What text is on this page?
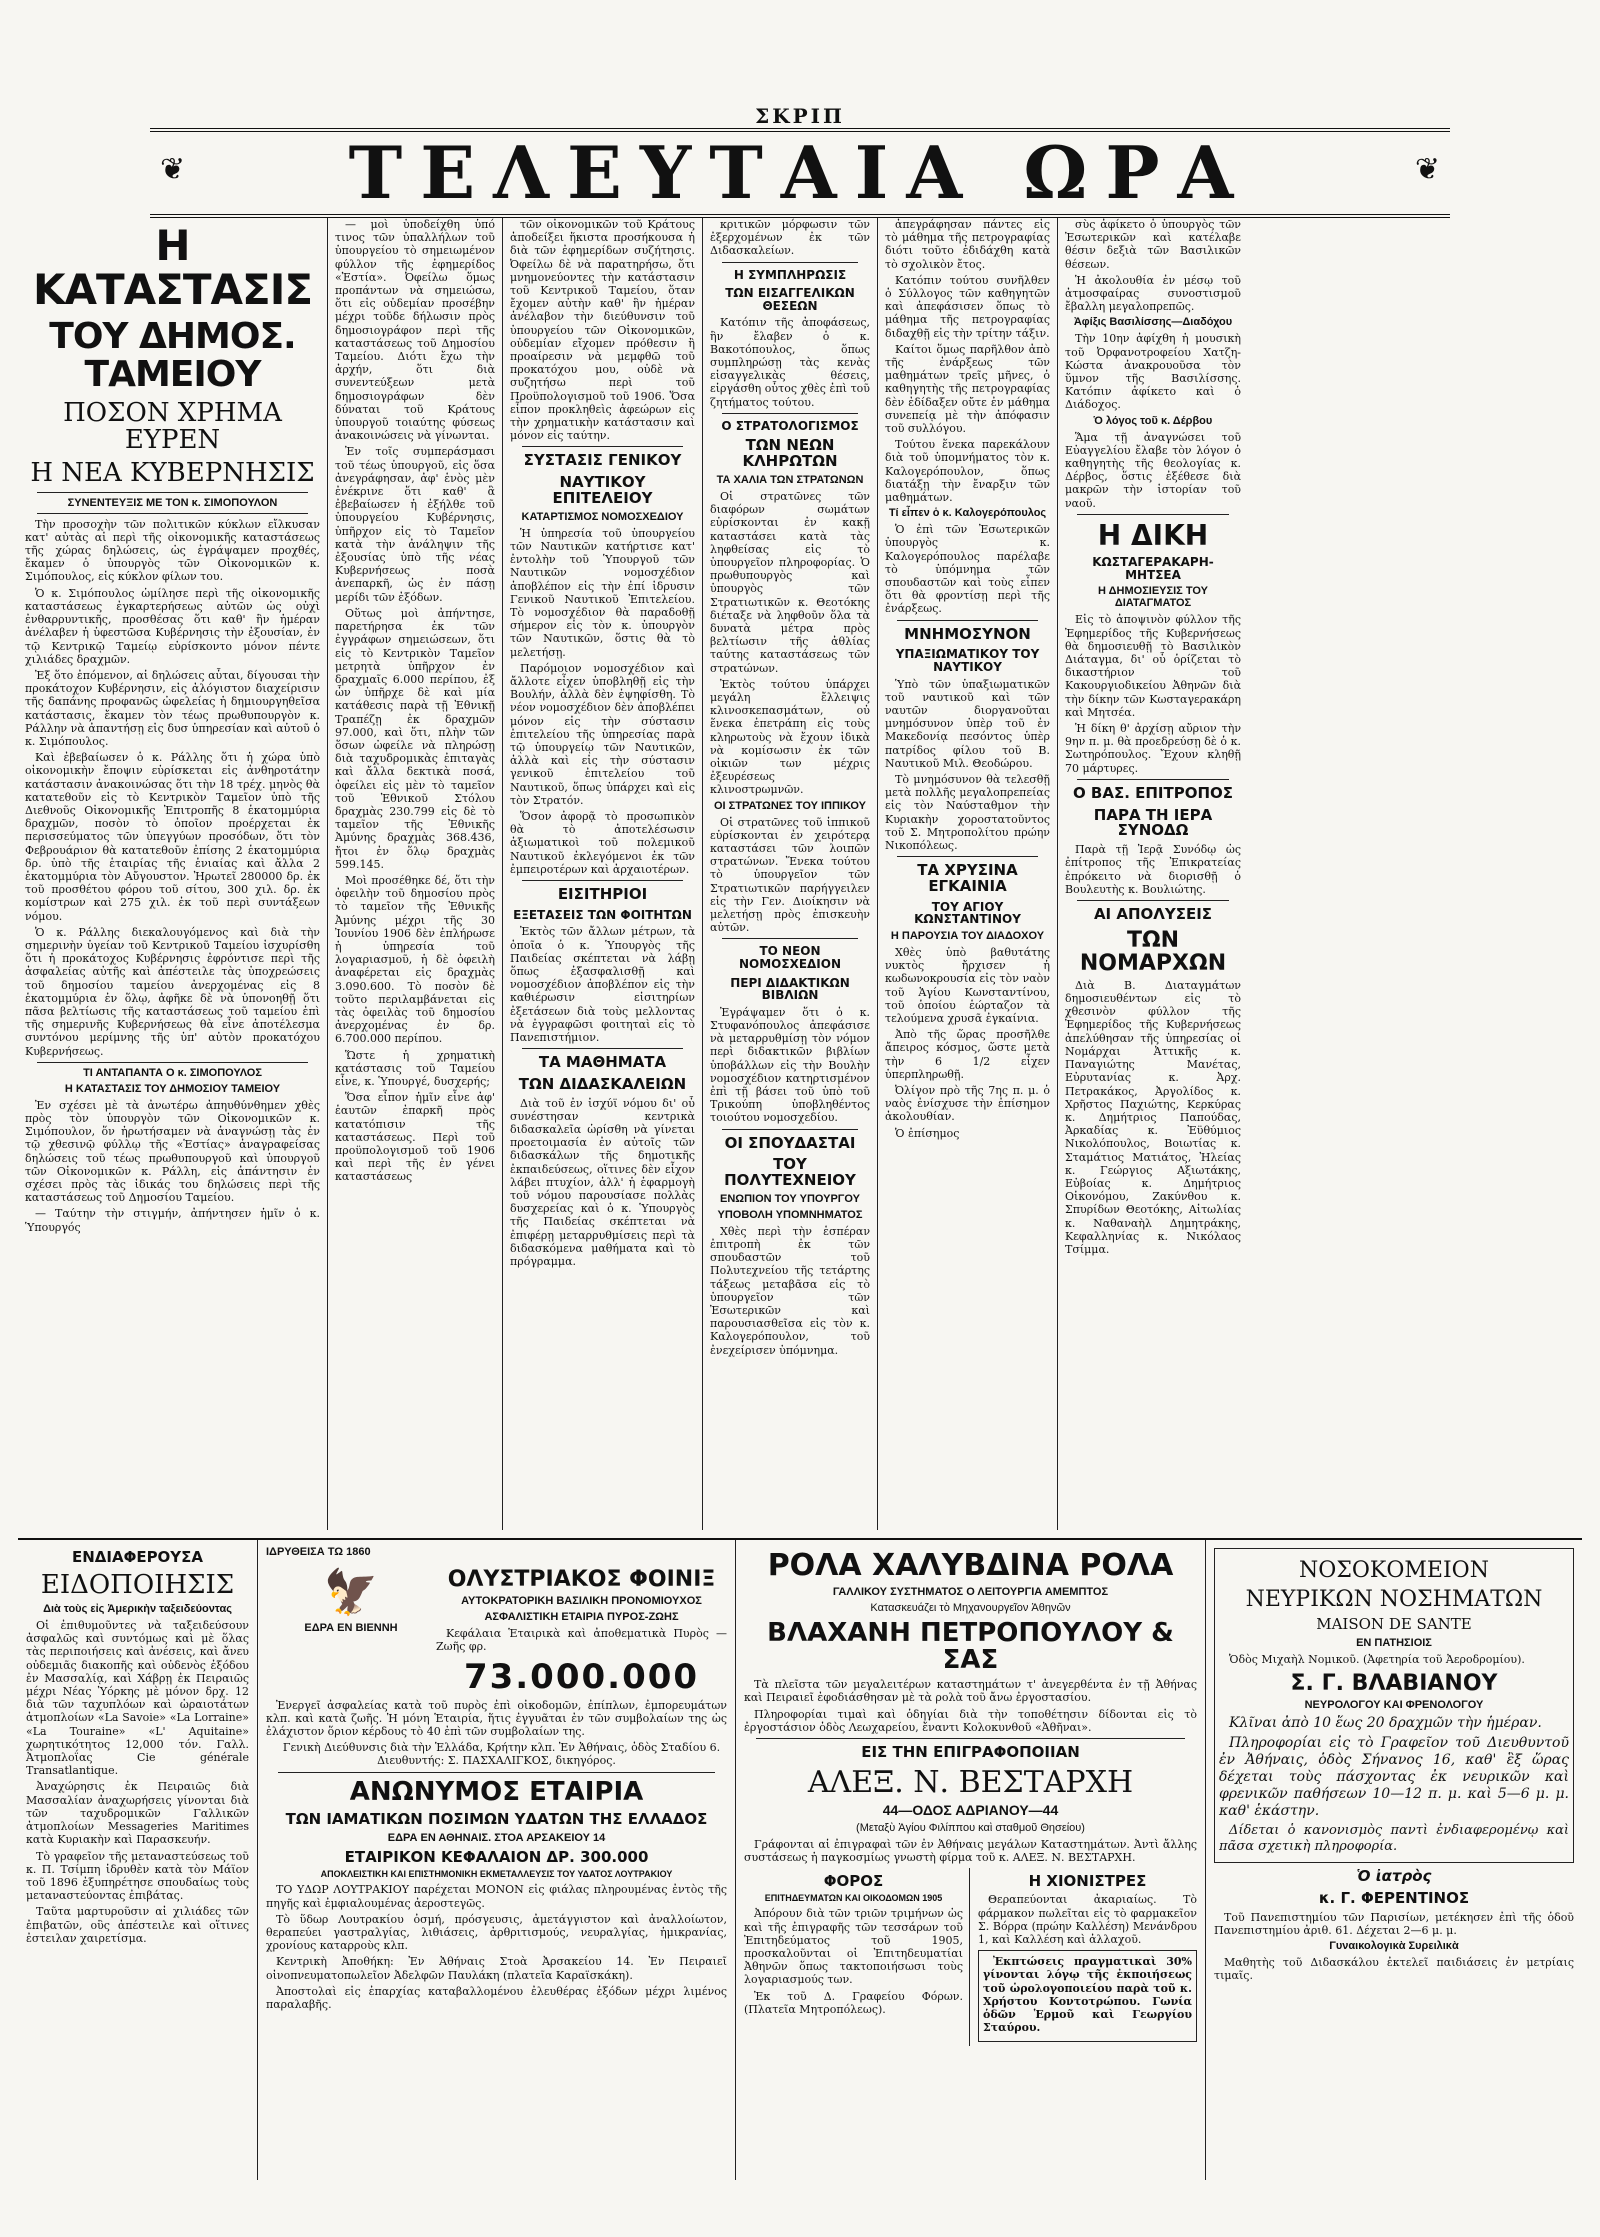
ΣΚΡΙΠ
❦ ΤΕΛΕΥΤΑΙΑ ΩΡΑ	❦
Η ΚΑΤΑΣΤΑΣΙΣ
ΤΟΥ ΔΗΜΟΣ. ΤΑΜΕΙΟΥ
ΠΟΣΟΝ ΧΡΗΜΑ ΕΥΡΕΝ
Η ΝΕΑ ΚΥΒΕΡΝΗΣΙΣ
ΣΥΝΕΝΤΕΥΞΙΣ ΜΕ ΤΟΝ κ. ΣΙΜΟΠΟΥΛΟΝ

Τὴν προσοχὴν τῶν πολιτικῶν κύκλων εἴλκυσαν κατ' αὐτὰς αἱ περὶ τῆς οἰκονομικῆς καταστάσεως τῆς χώρας δηλώσεις, ὡς ἐγράψαμεν προχθές, ἔκαμεν ὁ ὑπουργὸς τῶν Οἰκονομικῶν κ. Σιμόπουλος, εἰς κύκλον φίλων του.

Ὁ κ. Σιμόπουλος ὡμίλησε περὶ τῆς οἰκονομικῆς καταστάσεως ἐγκαρτερήσεως αὐτῶν ὡς οὐχὶ ἐνθαρρυντικῆς, προσθέσας ὅτι καθ' ἣν ἡμέραν ἀνέλαβεν ἡ ὑφεστῶσα Κυβέρνησις τὴν ἐξουσίαν, ἐν τῷ Κεντρικῷ Ταμείῳ εὑρίσκοντο μόνον πέντε χιλιάδες δραχμῶν.

Ἐξ ὅτο ἐπόμενον, αἱ δηλώσεις αὗται, δίγουσαι τὴν προκάτοχον Κυβέρνησιν, εἰς ἀλόγιστον διαχείρισιν τῆς δαπάνης προφανῶς ὠφελείας ἡ δημιουργηθεῖσα κατάστασις, ἔκαμεν τὸν τέως πρωθυπουργὸν κ. Ράλλην νὰ ἀπαντήσῃ εἰς δυσ ὑπηρεσίαν καὶ αὐτοῦ ὁ κ. Σιμόπουλος.

Καὶ ἐβεβαίωσεν ὁ κ. Ράλλης ὅτι ἡ χώρα ὑπὸ οἰκονομικὴν ἔποψιν εὑρίσκεται εἰς ἀνθηροτάτην κατάστασιν ἀνακοινώσας ὅτι τὴν 18 τρέχ. μηνὸς θὰ κατατεθοῦν εἰς τὸ Κεντρικὸν Ταμεῖον ὑπὸ τῆς Διεθνοῦς Οἰκονομικῆς Ἐπιτροπῆς 8 ἑκατομμύρια δραχμῶν, ποσὸν τὸ ὁποῖον προέρχεται ἐκ περισσεύματος τῶν ὑπεγγύων προσόδων, ὅτι τὸν Φεβρουάριον θὰ κατατεθοῦν ἐπίσης 2 ἑκατομμύρια δρ. ὑπὸ τῆς ἑταιρίας τῆς ἑνιαίας καὶ ἄλλα 2 ἑκατομμύρια τὸν Αὔγουστον. Ἠρωτεῖ 280000 δρ. ἐκ τοῦ προσθέτου φόρου τοῦ σίτου, 300 χιλ. δρ. ἐκ κομίστρων καὶ 275 χιλ. ἐκ τοῦ περὶ συντάξεων νόμου.

Ὁ κ. Ράλλης διεκαλουγόμενος καὶ διὰ τὴν σημερινὴν ὑγείαν τοῦ Κεντρικοῦ Ταμείου ἰσχυρίσθη ὅτι ἡ προκάτοχος Κυβέρνησις ἐφρόντισε περὶ τῆς ἀσφαλείας αὐτῆς καὶ ἀπέστειλε τὰς ὑποχρεώσεις τοῦ δημοσίου ταμείου ἀνερχομένας εἰς 8 ἑκατομμύρια ἐν ὅλῳ, ἀφῆκε δὲ νὰ ὑπονοηθῇ ὅτι πᾶσα βελτίωσις τῆς καταστάσεως τοῦ ταμείου ἐπὶ τῆς σημερινῆς Κυβερνήσεως θὰ εἶνε ἀποτέλεσμα συντόνου μερίμνης τῆς ὑπ' αὐτὸν προκατόχου Κυβερνήσεως.

ΤΙ ΑΝΤΑΠΑΝΤΑ Ο κ. ΣΙΜΟΠΟΥΛΟΣ
Η ΚΑΤΑΣΤΑΣΙΣ ΤΟΥ ΔΗΜΟΣΙΟΥ ΤΑΜΕΙΟΥ

Ἐν σχέσει μὲ τὰ ἀνωτέρω ἀπηυθύνθημεν χθὲς πρὸς τὸν ὑπουργὸν τῶν Οἰκονομικῶν κ. Σιμόπουλον, ὅν ἠρωτήσαμεν νὰ ἀναγνώσῃ τὰς ἐν τῷ χθεσινῷ φύλλῳ τῆς «Ἑστίας» ἀναγραφείσας δηλώσεις τοῦ τέως πρωθυπουργοῦ καὶ ὑπουργοῦ τῶν Οἰκονομικῶν κ. Ράλλη, εἰς ἀπάντησιν ἐν σχέσει πρὸς τὰς ἰδικάς του δηλώσεις περὶ τῆς καταστάσεως τοῦ Δημοσίου Ταμείου.

— Ταύτην τὴν στιγμήν, ἀπήντησεν ἡμῖν ὁ κ. Ὑπουργός

— μοὶ ὑποδείχθη ὑπό τινος τῶν ὑπαλλήλων τοῦ ὑπουργείου τὸ σημειωμένον φύλλον τῆς ἐφημερίδος «Ἑστία». Ὀφείλω ὅμως προπάντων νὰ σημειώσω, ὅτι εἰς οὐδεμίαν προσέβην μέχρι τοῦδε δήλωσιν πρὸς δημοσιογράφον περὶ τῆς καταστάσεως τοῦ Δημοσίου Ταμείου. Διότι ἔχω τὴν ἀρχήν, ὅτι διὰ συνεντεύξεων μετὰ δημοσιογράφων δὲν δύναται τοῦ Κράτους ὑπουργοῦ τοιαύτης φύσεως ἀνακοινώσεις νὰ γίνωνται.

Ἐν τοῖς συμπεράσμασι τοῦ τέως ὑπουργοῦ, εἰς ὅσα ἀνεγράφησαν, ἀφ' ἑνὸς μὲν ἐνέκρινε ὅτι καθ' ἃ ἐβεβαίωσεν ἡ ἐξήλθε τοῦ ὑπουργείου Κυβέρνησις, ὑπῆρχον εἰς τὸ Ταμεῖον κατὰ τὴν ἀνάληψιν τῆς ἐξουσίας ὑπὸ τῆς νέας Κυβερνήσεως ποσὰ ἀνεπαρκῆ, ὡς ἐν πάσῃ μερίδι τῶν ἐξόδων.

Οὕτως μοὶ ἀπήντησε, παρετήρησα ἐκ τῶν ἐγγράφων σημειώσεων, ὅτι εἰς τὸ Κεντρικὸν Ταμεῖον μετρητὰ ὑπῆρχον ἐν δραχμαῖς 6.000 περίπου, ἐξ ὧν ὑπῆρχε δὲ καὶ μία κατάθεσις παρὰ τῇ Ἐθνικῇ Τραπέζῃ ἐκ δραχμῶν 97.000, καὶ ὅτι, πλὴν τῶν ὅσων ὠφείλε νὰ πληρώσῃ διὰ ταχυδρομικὰς ἐπιταγὰς καὶ ἄλλα δεκτικὰ ποσά, ὀφείλει εἰς μὲν τὸ ταμεῖον τοῦ Ἐθνικοῦ Στόλου δραχμὰς 230.799 εἰς δὲ τὸ ταμεῖον τῆς Ἐθνικῆς Ἀμύνης δραχμὰς 368.436, ἤτοι ἐν ὅλῳ δραχμὰς 599.145.

Μοὶ προσέθηκε δέ, ὅτι τὴν ὀφειλὴν τοῦ δημοσίου πρὸς τὸ ταμεῖον τῆς Ἐθνικῆς Ἀμύνης μέχρι τῆς 30 Ἰουνίου 1906 δὲν ἐπλήρωσε ἡ ὑπηρεσία τοῦ λογαριασμοῦ, ἡ δὲ ὀφειλὴ ἀναφέρεται εἰς δραχμὰς 3.090.600. Τὸ ποσὸν δὲ τοῦτο περιλαμβάνεται εἰς τὰς ὀφειλὰς τοῦ δημοσίου ἀνερχομένας ἐν δρ. 6.700.000 περίπου.

Ὥστε ἡ χρηματικὴ κατάστασις τοῦ Ταμείου εἶνε, κ. Ὑπουργέ, δυσχερής;

Ὅσα εἶπον ἡμῖν εἶνε ἀφ' ἑαυτῶν ἐπαρκῆ πρὸς κατατόπισιν τῆς καταστάσεως. Περὶ τοῦ προϋπολογισμοῦ τοῦ 1906 καὶ περὶ τῆς ἐν γένει καταστάσεως

τῶν οἰκονομικῶν τοῦ Κράτους ἀποδείξει ἥκιστα προσήκουσα ἡ διὰ τῶν ἐφημερίδων συζήτησις. Ὀφείλω δὲ νὰ παρατηρήσω, ὅτι μνημονεύοντες τὴν κατάστασιν τοῦ Κεντρικοῦ Ταμείου, ὅταν ἔχομεν αὐτὴν καθ' ἣν ἡμέραν ἀνέλαβον τὴν διεύθυνσιν τοῦ ὑπουργείου τῶν Οἰκονομικῶν, οὐδεμίαν εἴχομεν πρόθεσιν ἢ προαίρεσιν νὰ μεμφθῶ τοῦ προκατόχου μου, οὐδὲ νὰ συζητήσω περὶ τοῦ Προϋπολογισμοῦ τοῦ 1906. Ὅσα εἶπον προκληθεὶς ἀφεώρων εἰς τὴν χρηματικὴν κατάστασιν καὶ μόνον εἰς ταύτην.

ΣΥΣΤΑΣΙΣ ΓΕΝΙΚΟΥ
ΝΑΥΤΙΚΟΥ ΕΠΙΤΕΛΕΙΟΥ
ΚΑΤΑΡΤΙΣΜΟΣ ΝΟΜΟΣΧΕΔΙΟΥ

Ἡ ὑπηρεσία τοῦ ὑπουργείου τῶν Ναυτικῶν κατήρτισε κατ' ἐντολὴν τοῦ Ὑπουργοῦ τῶν Ναυτικῶν νομοσχέδιον ἀποβλέπον εἰς τὴν ἐπί ἱδρυσιν Γενικοῦ Ναυτικοῦ Ἐπιτελείου. Τὸ νομοσχέδιον θὰ παραδοθῇ σήμερον εἰς τὸν κ. ὑπουργὸν τῶν Ναυτικῶν, ὅστις θὰ τὸ μελετήσῃ.

Παρόμοιον νομοσχέδιον καὶ ἄλλοτε εἶχεν ὑποβληθῇ εἰς τὴν Βουλήν, ἀλλὰ δὲν ἐψηφίσθη. Τὸ νέον νομοσχέδιον δὲν ἀποβλέπει μόνον εἰς τὴν σύστασιν ἐπιτελείου τῆς ὑπηρεσίας παρὰ τῷ ὑπουργείῳ τῶν Ναυτικῶν, ἀλλὰ καὶ εἰς τὴν σύστασιν γενικοῦ ἐπιτελείου τοῦ Ναυτικοῦ, ὅπως ὑπάρχει καὶ εἰς τὸν Στρατόν.

Ὅσον ἀφορᾷ τὸ προσωπικὸν θὰ τὸ ἀποτελέσωσιν ἀξιωματικοὶ τοῦ πολεμικοῦ Ναυτικοῦ ἐκλεγόμενοι ἐκ τῶν ἐμπειροτέρων καὶ ἀρχαιοτέρων.

ΕΙΣΙΤΗΡΙΟΙ
ΕΞΕΤΑΣΕΙΣ ΤΩΝ ΦΟΙΤΗΤΩΝ

Ἐκτὸς τῶν ἄλλων μέτρων, τὰ ὁποῖα ὁ κ. Ὑπουργὸς τῆς Παιδείας σκέπτεται νὰ λάβῃ ὅπως ἐξασφαλισθῇ καὶ νομοσχέδιον ἀποβλέπον εἰς τὴν καθιέρωσιν εἰσιτηρίων ἐξετάσεων διὰ τοὺς μελλοντας νὰ ἐγγραφῶσι φοιτηταὶ εἰς τὸ Πανεπιστήμιον.

ΤΑ ΜΑΘΗΜΑΤΑ
ΤΩΝ ΔΙΔΑΣΚΑΛΕΙΩΝ

Διὰ τοῦ ἐν ἰσχύϊ νόμου δι' οὗ συνέστησαν κεντρικὰ διδασκαλεῖα ὡρίσθη νὰ γίνεται προετοιμασία ἐν αὐτοῖς τῶν διδασκάλων τῆς δημοτικῆς ἐκπαιδεύσεως, οἵτινες δὲν εἶχον λάβει πτυχίον, ἀλλ' ἡ ἐφαρμογὴ τοῦ νόμου παρουσίασε πολλὰς δυσχερείας καὶ ὁ κ. Ὑπουργὸς τῆς Παιδείας σκέπτεται νὰ ἐπιφέρῃ μεταρρυθμίσεις περὶ τὰ διδασκόμενα μαθήματα καὶ τὸ πρόγραμμα.

κριτικῶν μόρφωσιν τῶν ἐξερχομένων ἐκ τῶν Διδασκαλείων.

Η ΣΥΜΠΛΗΡΩΣΙΣ
ΤΩΝ ΕΙΣΑΓΓΕΛΙΚΩΝ ΘΕΣΕΩΝ

Κατόπιν τῆς ἀποφάσεως, ἣν ἔλαβεν ὁ κ. Βακοτόπουλος, ὅπως συμπληρώσῃ τὰς κενὰς εἰσαγγελικὰς θέσεις, εἰργάσθη οὗτος χθὲς ἐπὶ τοῦ ζητήματος τούτου.

Ο ΣΤΡΑΤΟΛΟΓΙΣΜΟΣ
ΤΩΝ ΝΕΩΝ ΚΛΗΡΩΤΩΝ
ΤΑ ΧΑΛΙΑ ΤΩΝ ΣΤΡΑΤΩΝΩΝ

Οἱ στρατῶνες τῶν διαφόρων σωμάτων εὑρίσκονται ἐν κακῇ καταστάσει κατὰ τὰς ληφθείσας εἰς τὸ ὑπουργεῖον πληροφορίας. Ὁ πρωθυπουργὸς καὶ ὑπουργὸς τῶν Στρατιωτικῶν κ. Θεοτόκης διέταξε νὰ ληφθοῦν ὅλα τὰ δυνατὰ μέτρα πρὸς βελτίωσιν τῆς ἀθλίας ταύτης καταστάσεως τῶν στρατώνων.

Ἐκτὸς τούτου ὑπάρχει μεγάλη ἔλλειψις κλινοσκεπασμάτων, οὐ ἕνεκα ἐπετράπη εἰς τοὺς κληρωτοὺς νὰ ἔχουν ἰδικὰ νὰ κομίσωσιν ἐκ τῶν οἰκιῶν των μέχρις ἐξευρέσεως κλινοστρωμνῶν.

ΟΙ ΣΤΡΑΤΩΝΕΣ ΤΟΥ ΙΠΠΙΚΟΥ

Οἱ στρατῶνες τοῦ ἱππικοῦ εὑρίσκονται ἐν χειρότερᾳ καταστάσει τῶν λοιπῶν στρατώνων. Ἕνεκα τούτου τὸ ὑπουργεῖον τῶν Στρατιωτικῶν παρήγγειλεν εἰς τὴν Γεν. Διοίκησιν νὰ μελετήσῃ πρὸς ἐπισκευὴν αὐτῶν.

ΤΟ ΝΕΟΝ ΝΟΜΟΣΧΕΔΙΟΝ
ΠΕΡΙ ΔΙΔΑΚΤΙΚΩΝ ΒΙΒΛΙΩΝ

Ἐγράψαμεν ὅτι ὁ κ. Στυφανόπουλος ἀπεφάσισε νὰ μεταρρυθμίσῃ τὸν νόμον περὶ διδακτικῶν βιβλίων ὑποβάλλων εἰς τὴν Βουλὴν νομοσχέδιον κατηρτισμένον ἐπὶ τῇ βάσει τοῦ ὑπὸ τοῦ Τρικούπη ὑποβληθέντος τοιούτου νομοσχεδίου.

ΟΙ ΣΠΟΥΔΑΣΤΑΙ
ΤΟΥ ΠΟΛΥΤΕΧΝΕΙΟΥ
ΕΝΩΠΙΟΝ ΤΟΥ ΥΠΟΥΡΓΟΥ
ΥΠΟΒΟΛΗ ΥΠΟΜΝΗΜΑΤΟΣ

Χθὲς περὶ τὴν ἑσπέραν ἐπιτροπὴ ἐκ τῶν σπουδαστῶν τοῦ Πολυτεχνείου τῆς τετάρτης τάξεως μεταβᾶσα εἰς τὸ ὑπουργεῖον τῶν Ἐσωτερικῶν καὶ παρουσιασθεῖσα εἰς τὸν κ. Καλογερόπουλον, τοῦ ἐνεχείρισεν ὑπόμνημα.

ἀπεγράφησαν πάντες εἰς τὸ μάθημα τῆς πετρογραφίας διότι τοῦτο ἐδιδάχθη κατὰ τὸ σχολικὸν ἔτος.

Κατόπιν τούτου συνῆλθεν ὁ Σύλλογος τῶν καθηγητῶν καὶ ἀπεφάσισεν ὅπως τὸ μάθημα τῆς πετρογραφίας διδαχθῇ εἰς τὴν τρίτην τάξιν.

Καίτοι ὅμως παρῆλθον ἀπὸ τῆς ἐνάρξεως τῶν μαθημάτων τρεῖς μῆνες, ὁ καθηγητὴς τῆς πετρογραφίας δὲν ἐδίδαξεν οὔτε ἐν μάθημα συνεπείᾳ μὲ τὴν ἀπόφασιν τοῦ συλλόγου.

Τούτου ἕνεκα παρεκάλουν διὰ τοῦ ὑπομνήματος τὸν κ. Καλογερόπουλον, ὅπως διατάξῃ τὴν ἔναρξιν τῶν μαθημάτων.

Τί εἶπεν ὁ κ. Καλογερόπουλος

Ὁ ἐπὶ τῶν Ἐσωτερικῶν ὑπουργὸς κ. Καλογερόπουλος παρέλαβε τὸ ὑπόμνημα τῶν σπουδαστῶν καὶ τοὺς εἶπεν ὅτι θὰ φροντίσῃ περὶ τῆς ἐνάρξεως.

ΜΝΗΜΟΣΥΝΟΝ
ΥΠΑΞΙΩΜΑΤΙΚΟΥ ΤΟΥ ΝΑΥΤΙΚΟΥ

Ὑπὸ τῶν ὑπαξιωματικῶν τοῦ ναυτικοῦ καὶ τῶν ναυτῶν διοργανοῦται μνημόσυνον ὑπὲρ τοῦ ἐν Μακεδονίᾳ πεσόντος ὑπὲρ πατρίδος φίλου τοῦ Β. Ναυτικοῦ Μιλ. Θεοδώρου.

Τὸ μνημόσυνον θὰ τελεσθῇ μετὰ πολλῆς μεγαλοπρεπείας εἰς τὸν Ναύσταθμον τὴν Κυριακὴν χοροστατοῦντος τοῦ Σ. Μητροπολίτου πρώην Νικοπόλεως.

ΤΑ ΧΡΥΣΙΝΑ ΕΓΚΑΙΝΙΑ
ΤΟΥ ΑΓΙΟΥ ΚΩΝΣΤΑΝΤΙΝΟΥ
Η ΠΑΡΟΥΣΙΑ ΤΟΥ ΔΙΑΔΟΧΟΥ

Χθὲς ὑπὸ βαθυτάτης νυκτὸς ἤρχισεν ἡ κωδωνοκρουσία εἰς τὸν ναὸν τοῦ Ἁγίου Κωνσταντίνου, τοῦ ὁποίου ἑώρταζον τὰ τελούμενα χρυσᾶ ἐγκαίνια.

Ἀπὸ τῆς ὥρας προσῆλθε ἄπειρος κόσμος, ὥστε μετὰ τὴν 6 1/2 εἶχεν ὑπερπληρωθῇ.

Ὀλίγον πρὸ τῆς 7ης π. μ. ὁ ναὸς ἐνίσχυσε τὴν ἐπίσημον ἀκολουθίαν.

Ὁ ἐπίσημος

σὺς ἀφίκετο ὁ ὑπουργὸς τῶν Ἐσωτερικῶν καὶ κατέλαβε θέσιν δεξιὰ τῶν Βασιλικῶν θέσεων.

Ἡ ἀκολουθία ἐν μέσῳ τοῦ ἀτμοσφαίρας συνοστισμοῦ ἔβαλλη μεγαλοπρεπῶς.

Ἀφίξις Βασιλίσσης—Διαδόχου

Τὴν 10ην ἀφίχθη ἡ μουσικὴ τοῦ Ὀρφανοτροφείου Χατζη-Κώστα ἀνακρουοῦσα τὸν ὕμνον τῆς Βασιλίσσης. Κατόπιν ἀφίκετο καὶ ὁ Διάδοχος.

Ὁ λόγος τοῦ κ. Δέρβου

Ἅμα τῇ ἀναγνώσει τοῦ Εὐαγγελίου ἔλαβε τὸν λόγον ὁ καθηγητὴς τῆς θεολογίας κ. Δέρβος, ὅστις ἐξέθεσε διὰ μακρῶν τὴν ἱστορίαν τοῦ ναοῦ.

Η ΔΙΚΗ
ΚΩΣΤΑΓΕΡΑΚΑΡΗ-ΜΗΤΣΕΑ
Η ΔΗΜΟΣΙΕΥΣΙΣ ΤΟΥ ΔΙΑΤΑΓΜΑΤΟΣ

Εἰς τὸ ἀποψινὸν φύλλον τῆς Ἐφημερίδος τῆς Κυβερνήσεως θὰ δημοσιευθῇ τὸ Βασιλικὸν Διάταγμα, δι' οὗ ὁρίζεται τὸ δικαστήριον τοῦ Κακουργιοδικείου Ἀθηνῶν διὰ τὴν δίκην τῶν Κωσταγερακάρη καὶ Μητσέα.

Ἡ δίκη θ' ἀρχίσῃ αὔριον τὴν 9ην π. μ. θὰ προεδρεύσῃ δὲ ὁ κ. Σωτηρόπουλος. Ἔχουν κληθῇ 70 μάρτυρες.

Ο ΒΑΣ. ΕΠΙΤΡΟΠΟΣ
ΠΑΡΑ ΤΗ ΙΕΡΑ ΣΥΝΟΔΩ

Παρὰ τῇ Ἱερᾷ Συνόδῳ ὡς ἐπίτροπος τῆς Ἐπικρατείας ἐπρόκειτο νὰ διορισθῇ ὁ Βουλευτὴς κ. Βουλιώτης.

ΑΙ ΑΠΟΛΥΣΕΙΣ
ΤΩΝ ΝΟΜΑΡΧΩΝ

Διὰ Β. Διαταγμάτων δημοσιευθέντων εἰς τὸ χθεσινὸν φύλλον τῆς Ἐφημερίδος τῆς Κυβερνήσεως ἀπελύθησαν τῆς ὑπηρεσίας οἱ Νομάρχαι Ἀττικῆς κ. Παναγιώτης Μανέτας, Εὐρυτανίας κ. Ἀρχ. Πετρακάκος, Ἀργολίδος κ. Χρῆστος Παχιώτης, Κερκύρας κ. Δημήτριος Παπούδας, Ἀρκαδίας κ. Ἐϋθύμιος Νικολόπουλος, Βοιωτίας κ. Σταμάτιος Ματιάτος, Ἠλείας κ. Γεώργιος Αξιωτάκης, Εὐβοίας κ. Δημήτριος Οἰκονόμου, Ζακύνθου κ. Σπυρίδων Θεοτόκης, Αἰτωλίας κ. Ναθαναὴλ Δημητράκης, Κεφαλληνίας κ. Νικόλαος Τσίμμα.

ΕΝΔΙΑΦΕΡΟΥΣΑ
ΕΙΔΟΠΟΙΗΣΙΣ
Διὰ τοὺς εἰς Ἀμερικὴν ταξειδεύοντας

Οἱ ἐπιθυμοῦντες νὰ ταξειδεύσουν ἀσφαλῶς καὶ συντόμως καὶ μὲ ὅλας τὰς περιποιήσεις καὶ ἀνέσεις, καὶ ἄνευ οὐδεμιᾶς διακοπῆς καὶ οὐδενὸς ἐξόδου ἐν Μασσαλίᾳ, καὶ Χάβρῃ ἐκ Πειραιῶς μέχρι Νέας Ὑόρκης μὲ μόνον δρχ. 12 διὰ τῶν ταχυπλόων καὶ ὡραιοτάτων ἀτμοπλοίων «La Savoie» «La Lorraine» «La Touraine» «L' Aquitaine» χωρητικότητος 12,000 τόν. Γαλλ. Ἀτμοπλοΐας Cie générale Transatlantique.

Ἀναχώρησις ἐκ Πειραιῶς διὰ Μασσαλίαν ἀναχωρήσεις γίνονται διὰ τῶν ταχυδρομικῶν Γαλλικῶν ἀτμοπλοίων Messageries Maritimes κατὰ Κυριακὴν καὶ Παρασκευήν.

Τὸ γραφεῖον τῆς μεταναστεύσεως τοῦ κ. Π. Τσίμπη ἱδρυθὲν κατὰ τὸν Μάϊον τοῦ 1896 ἐξυπηρέτησε σπουδαίως τοὺς μεταναστεύοντας ἐπιβάτας.

Ταῦτα μαρτυροῦσιν αἱ χιλιάδες τῶν ἐπιβατῶν, οὓς ἀπέστειλε καὶ οἵτινες ἐστειλαν χαιρετίσμα.

ΙΔΡΥΘΕΙΣΑ ΤΩ 1860
🦅
ΕΔΡΑ ΕΝ ΒΙΕΝΝΗ
ΟΛΥΣΤΡΙΑΚΟΣ ΦΟΙΝΙΞ
ΑΥΤΟΚΡΑΤΟΡΙΚΗ ΒΑΣΙΛΙΚΗ ΠΡΟΝΟΜΙΟΥΧΟΣ
ΑΣΦΑΛΙΣΤΙΚΗ ΕΤΑΙΡΙΑ ΠΥΡΟΣ-ΖΩΗΣ

Κεφάλαια Ἑταιρικὰ καὶ ἀποθεματικὰ Πυρὸς — Ζωῆς φρ.

73.000.000

Ἐνεργεῖ ἀσφαλείας κατὰ τοῦ πυρὸς ἐπὶ οἰκοδομῶν, ἐπίπλων, ἐμπορευμάτων κλπ. καὶ κατὰ ζωῆς. Ἡ μόνη Ἑταιρία, ἥτις ἐγγυᾶται ἐν τῶν συμβολαίων της ὡς ἐλάχιστον ὅριον κέρδους τὸ 40 ἐπὶ τῶν συμβολαίων της.

Γενικὴ Διεύθυνσις διὰ τὴν Ἑλλάδα, Κρήτην κλπ. Ἐν Ἀθήναις, ὁδὸς Σταδίου 6. Διευθυντής: Σ. ΠΑΣΧΑΛΙΓΚΟΣ, δικηγόρος.

ΑΝΩΝΥΜΟΣ ΕΤΑΙΡΙΑ
ΤΩΝ ΙΑΜΑΤΙΚΩΝ ΠΟΣΙΜΩΝ ΥΔΑΤΩΝ ΤΗΣ ΕΛΛΑΔΟΣ
ΕΔΡΑ ΕΝ ΑΘΗΝΑΙΣ. ΣΤΟΑ ΑΡΣΑΚΕΙΟΥ 14
ΕΤΑΙΡΙΚΟΝ ΚΕΦΑΛΑΙΟΝ ΔΡ. 300.000
ΑΠΟΚΛΕΙΣΤΙΚΗ ΚΑΙ ΕΠΙΣΤΗΜΟΝΙΚΗ ΕΚΜΕΤΑΛΛΕΥΣΙΣ ΤΟΥ ΥΔΑΤΟΣ ΛΟΥΤΡΑΚΙΟΥ

ΤΟ ΥΔΩΡ ΛΟΥΤΡΑΚΙΟΥ παρέχεται ΜΟΝΟΝ εἰς φιάλας πληρουμένας ἐντὸς τῆς πηγῆς καὶ ἐμφιαλουμένας ἀεροστεγῶς.

Τὸ ὕδωρ Λουτρακίου ὀσμή, πρόσγευσις, ἀμετάγγιστον καὶ ἀναλλοίωτον, θεραπεύει γαστραλγίας, λιθιάσεις, ἀρθριτισμούς, νευραλγίας, ἡμικρανίας, χρονίους καταρροὺς κλπ.

Κεντρικὴ Ἀποθήκη: Ἐν Ἀθήναις Στοὰ Ἀρσακείου 14. Ἐν Πειραιεῖ οἰνοπνευματοπωλεῖον Ἀδελφῶν Παυλάκη (πλατεῖα Καραϊσκάκη).

Ἀποστολαὶ εἰς ἐπαρχίας καταβαλλομένου ἐλευθέρας ἐξόδων μέχρι λιμένος παραλαβῆς.

ΡΟΛΑ ΧΑΛΥΒΔΙΝΑ ΡΟΛΑ
ΓΑΛΛΙΚΟΥ ΣΥΣΤΗΜΑΤΟΣ Ο ΛΕΙΤΟΥΡΓΙΑ ΑΜΕΜΠΤΟΣ
Κατασκευάζει τὸ Μηχανουργεῖον Ἀθηνῶν
ΒΛΑΧΑΝΗ ΠΕΤΡΟΠΟΥΛΟΥ & ΣΑΣ

Τὰ πλεῖστα τῶν μεγαλειτέρων καταστημάτων τ' ἀνεγερθέντα ἐν τῇ Ἀθήνας καὶ Πειραιεῖ ἐφοδιάσθησαν μὲ τὰ ρολὰ τοῦ ἄνω ἐργοστασίου.

Πληροφορίαι τιμαὶ καὶ ὁδηγίαι διὰ τὴν τοποθέτησιν δίδονται εἰς τὸ ἐργοστάσιον ὁδὸς Λεωχαρείου, ἔναντι Κολοκυνθοῦ «Ἀθῆναι».

ΕΙΣ ΤΗΝ ΕΠΙΓΡΑΦΟΠΟΙΙΑΝ
ΑΛΕΞ. Ν. ΒΕΣΤΑΡΧΗ
44—ΟΔΟΣ ΑΔΡΙΑΝΟΥ—44
(Μεταξὺ Ἁγίου Φιλίππου καὶ σταθμοῦ Θησείου)

Γράφονται αἱ ἐπιγραφαὶ τῶν ἐν Ἀθήναις μεγάλων Καταστημάτων. Ἀντὶ ἄλλης συστάσεως ἡ παγκοσμίως γνωστὴ φίρμα τοῦ κ. ΑΛΕΞ. Ν. ΒΕΣΤΑΡΧΗ.

ΦΟΡΟΣ
ΕΠΙΤΗΔΕΥΜΑΤΩΝ ΚΑΙ ΟΙΚΟΔΟΜΩΝ 1905

Ἀπόρουν διὰ τῶν τριῶν τριμήνων ὡς καὶ τῆς ἐπιγραφῆς τῶν τεσσάρων τοῦ Ἐπιτηδεύματος τοῦ 1905, προσκαλοῦνται οἱ Ἐπιτηδευματίαι Ἀθηνῶν ὅπως τακτοποιήσωσι τοὺς λογαριασμούς των.

Ἐκ τοῦ Δ. Γραφείου Φόρων. (Πλατεῖα Μητροπόλεως).

Η ΧΙΟΝΙΣΤΡΕΣ

Θεραπεύονται ἀκαριαίως. Τὸ φάρμακον πωλεῖται εἰς τὸ φαρμακεῖον Σ. Βόρρα (πρώην Καλλέση) Μενάνδρου 1, καὶ Καλλέση καὶ ἀλλαχοῦ.

Ἐκπτώσεις πραγματικαὶ 30% γίνονται λόγῳ τῆς ἐκποιήσεως τοῦ ὡρολογοποιείου παρὰ τοῦ κ. Χρήστου Κοντοτρώπου. Γωνία ὁδῶν Ἑρμοῦ καὶ Γεωργίου Σταύρου.

ΝΟΣΟΚΟΜΕΙΟΝ
ΝΕΥΡΙΚΩΝ ΝΟΣΗΜΑΤΩΝ
MAISON DE SANTE
ΕΝ ΠΑΤΗΣΙΟΙΣ

Ὁδὸς Μιχαὴλ Νομικοῦ. (Ἀφετηρία τοῦ Ἀεροδρομίου).

Σ. Γ. ΒΛΑΒΙΑΝΟΥ
ΝΕΥΡΟΛΟΓΟΥ ΚΑΙ ΦΡΕΝΟΛΟΓΟΥ

Κλῖναι ἀπὸ 10 ἕως 20 δραχμῶν τὴν ἡμέραν.

Πληροφορίαι εἰς τὸ Γραφεῖον τοῦ Διευθυντοῦ ἐν Ἀθήναις, ὁδὸς Σήνανος 16, καθ' ἓξ ὥρας δέχεται τοὺς πάσχοντας ἐκ νευρικῶν καὶ φρενικῶν παθήσεων 10—12 π. μ. καὶ 5—6 μ. μ. καθ' ἑκάστην.

Δίδεται ὁ κανονισμὸς παντὶ ἐνδιαφερομένῳ καὶ πᾶσα σχετικὴ πληροφορία.

Ὁ ἰατρὸς
κ. Γ. ΦΕΡΕΝΤΙΝΟΣ

Τοῦ Πανεπιστημίου τῶν Παρισίων, μετέκησεν ἐπὶ τῆς ὁδοῦ Πανεπιστημίου ἀριθ. 61. Δέχεται 2—6 μ. μ.

Γυναικολογικὰ Συρειλικὰ

Μαθητὴς τοῦ Διδασκάλου ἐκτελεῖ παιδιάσεις ἐν μετρίαις τιμαῖς.
